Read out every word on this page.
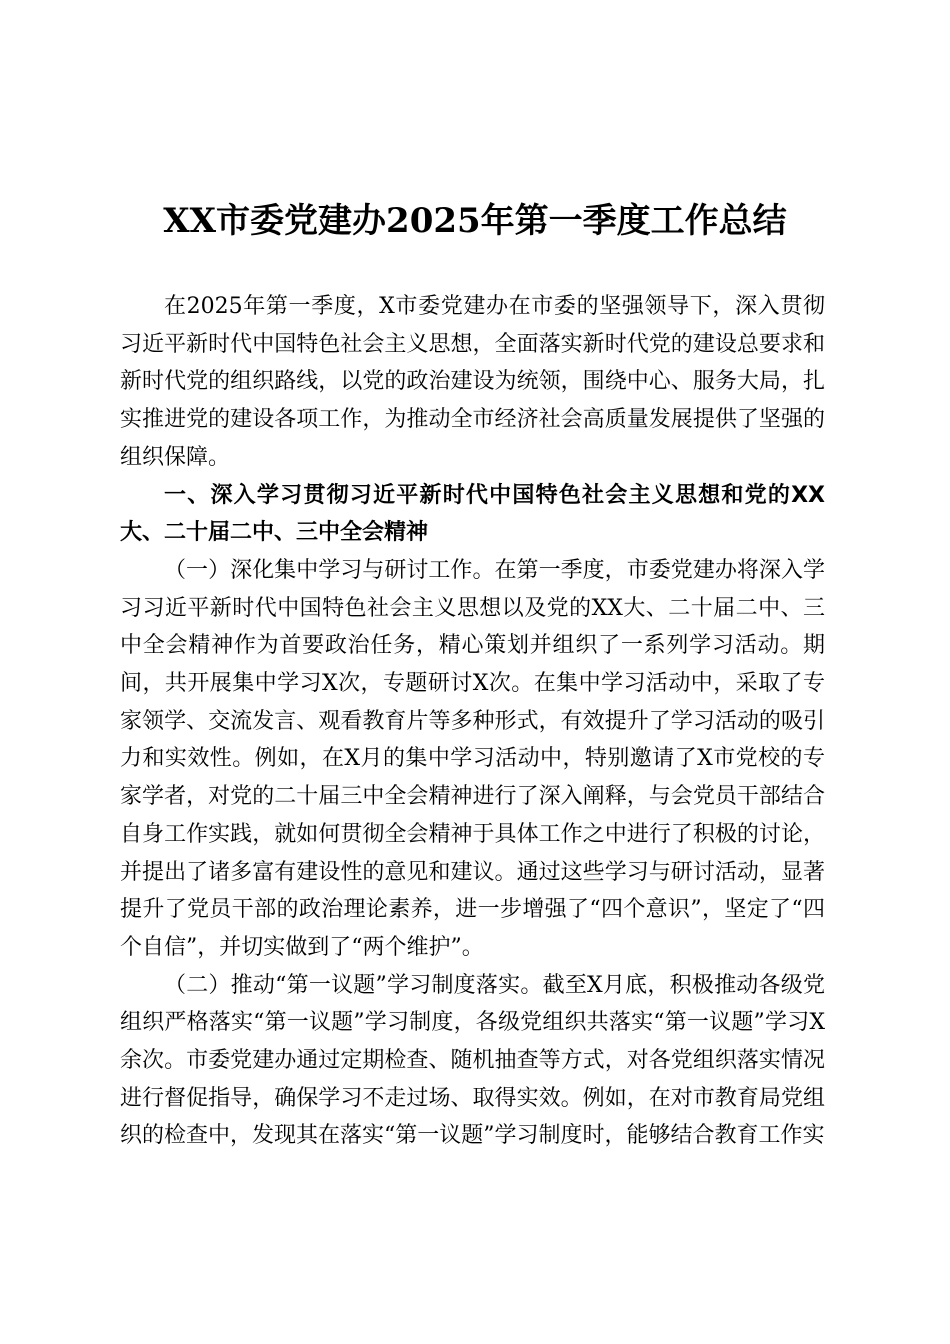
XX市委党建办2025年第一季度工作总结

在2025年第一季度，X市委党建办在市委的坚强领导下，深入贯彻习近平新时代中国特色社会主义思想，全面落实新时代党的建设总要求和新时代党的组织路线，以党的政治建设为统领，围绕中心、服务大局，扎实推进党的建设各项工作，为推动全市经济社会高质量发展提供了坚强的组织保障。

一、深入学习贯彻习近平新时代中国特色社会主义思想和党的XX大、二十届二中、三中全会精神

（一）深化集中学习与研讨工作。在第一季度，市委党建办将深入学习习近平新时代中国特色社会主义思想以及党的XX大、二十届二中、三中全会精神作为首要政治任务，精心策划并组织了一系列学习活动。期间，共开展集中学习X次，专题研讨X次。在集中学习活动中，采取了专家领学、交流发言、观看教育片等多种形式，有效提升了学习活动的吸引力和实效性。例如，在X月的集中学习活动中，特别邀请了X市党校的专家学者，对党的二十届三中全会精神进行了深入阐释，与会党员干部结合自身工作实践，就如何贯彻全会精神于具体工作之中进行了积极的讨论，并提出了诸多富有建设性的意见和建议。通过这些学习与研讨活动，显著提升了党员干部的政治理论素养，进一步增强了“四个意识”，坚定了“四个自信”，并切实做到了“两个维护”。

（二）推动“第一议题”学习制度落实。截至X月底，积极推动各级党组织严格落实“第一议题”学习制度，各级党组织共落实“第一议题”学习X余次。市委党建办通过定期检查、随机抽查等方式，对各党组织落实情况进行督促指导，确保学习不走过场、取得实效。例如，在对市教育局党组织的检查中，发现其在落实“第一议题”学习制度时，能够结合教育工作实
